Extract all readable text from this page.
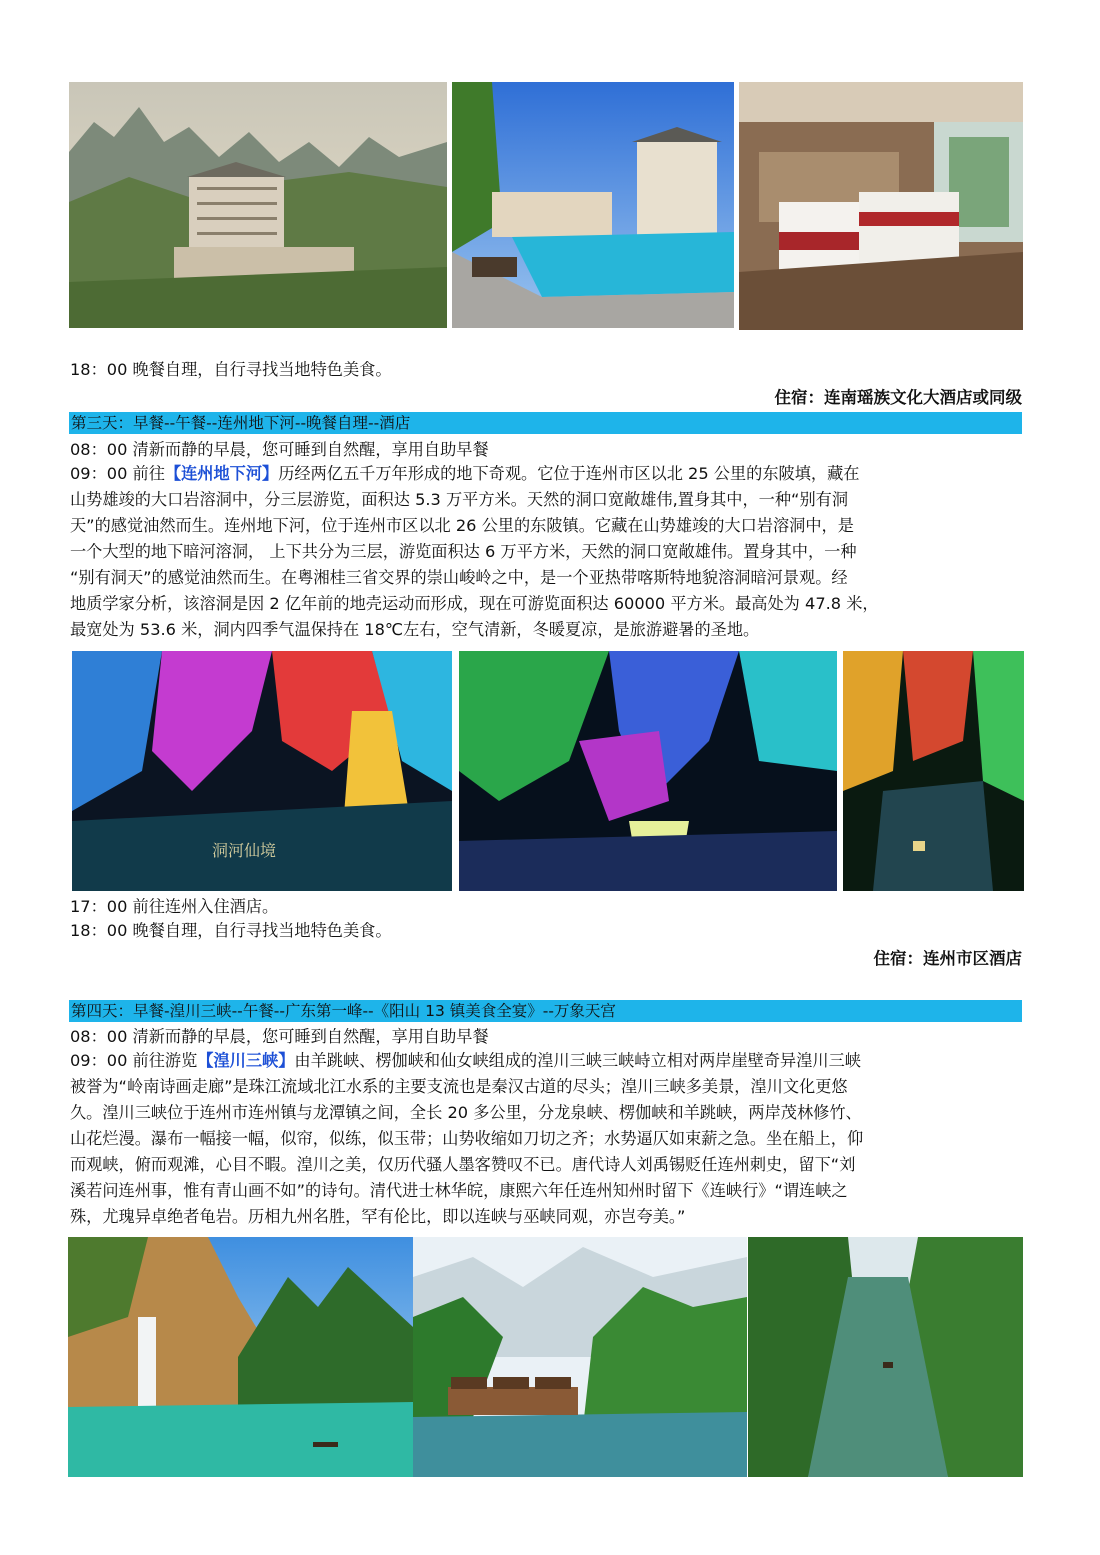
18：00 晚餐自理，自行寻找当地特色美食。
住宿：连南瑶族文化大酒店或同级
第三天：早餐--午餐--连州地下河--晚餐自理--酒店
08：00 清新而静的早晨，您可睡到自然醒，享用自助早餐
09：00 前往【连州地下河】历经两亿五千万年形成的地下奇观。它位于连州市区以北 25 公里的东陂填，藏在
山势雄竣的大口岩溶洞中，分三层游览，面积达 5.3 万平方米。天然的洞口宽敞雄伟,置身其中，一种“别有洞
天”的感觉油然而生。连州地下河，位于连州市区以北 26 公里的东陂镇。它藏在山势雄竣的大口岩溶洞中，是
一个大型的地下暗河溶洞， 上下共分为三层，游览面积达 6 万平方米，天然的洞口宽敞雄伟。置身其中，一种
“别有洞天”的感觉油然而生。在粤湘桂三省交界的崇山峻岭之中，是一个亚热带喀斯特地貌溶洞暗河景观。经
地质学家分析，该溶洞是因 2 亿年前的地壳运动而形成，现在可游览面积达 60000 平方米。最高处为 47.8 米，
最宽处为 53.6 米，洞内四季气温保持在 18℃左右，空气清新，冬暖夏凉，是旅游避暑的圣地。
洞河仙境
17：00 前往连州入住酒店。
18：00 晚餐自理，自行寻找当地特色美食。
住宿：连州市区酒店
第四天：早餐-湟川三峡--午餐--广东第一峰--《阳山 13 镇美食全宴》--万象天宫
08：00 清新而静的早晨，您可睡到自然醒，享用自助早餐
09：00 前往游览【湟川三峡】由羊跳峡、楞伽峡和仙女峡组成的湟川三峡三峡峙立相对两岸崖壁奇异湟川三峡
被誉为“岭南诗画走廊”是珠江流域北江水系的主要支流也是秦汉古道的尽头；湟川三峡多美景，湟川文化更悠
久。湟川三峡位于连州市连州镇与龙潭镇之间，全长 20 多公里，分龙泉峡、楞伽峡和羊跳峡，两岸茂林修竹、
山花烂漫。瀑布一幅接一幅，似帘，似练，似玉带；山势收缩如刀切之齐；水势逼仄如束薪之急。坐在船上，仰
而观峡，俯而观滩，心目不暇。湟川之美，仅历代骚人墨客赞叹不已。唐代诗人刘禹锡贬任连州刺史，留下“刘
溪若问连州事，惟有青山画不如”的诗句。清代进士林华皖，康熙六年任连州知州时留下《连峡行》“谓连峡之
殊，尤瑰异卓绝者龟岩。历相九州名胜，罕有伦比，即以连峡与巫峡同观，亦岂夸美。”
